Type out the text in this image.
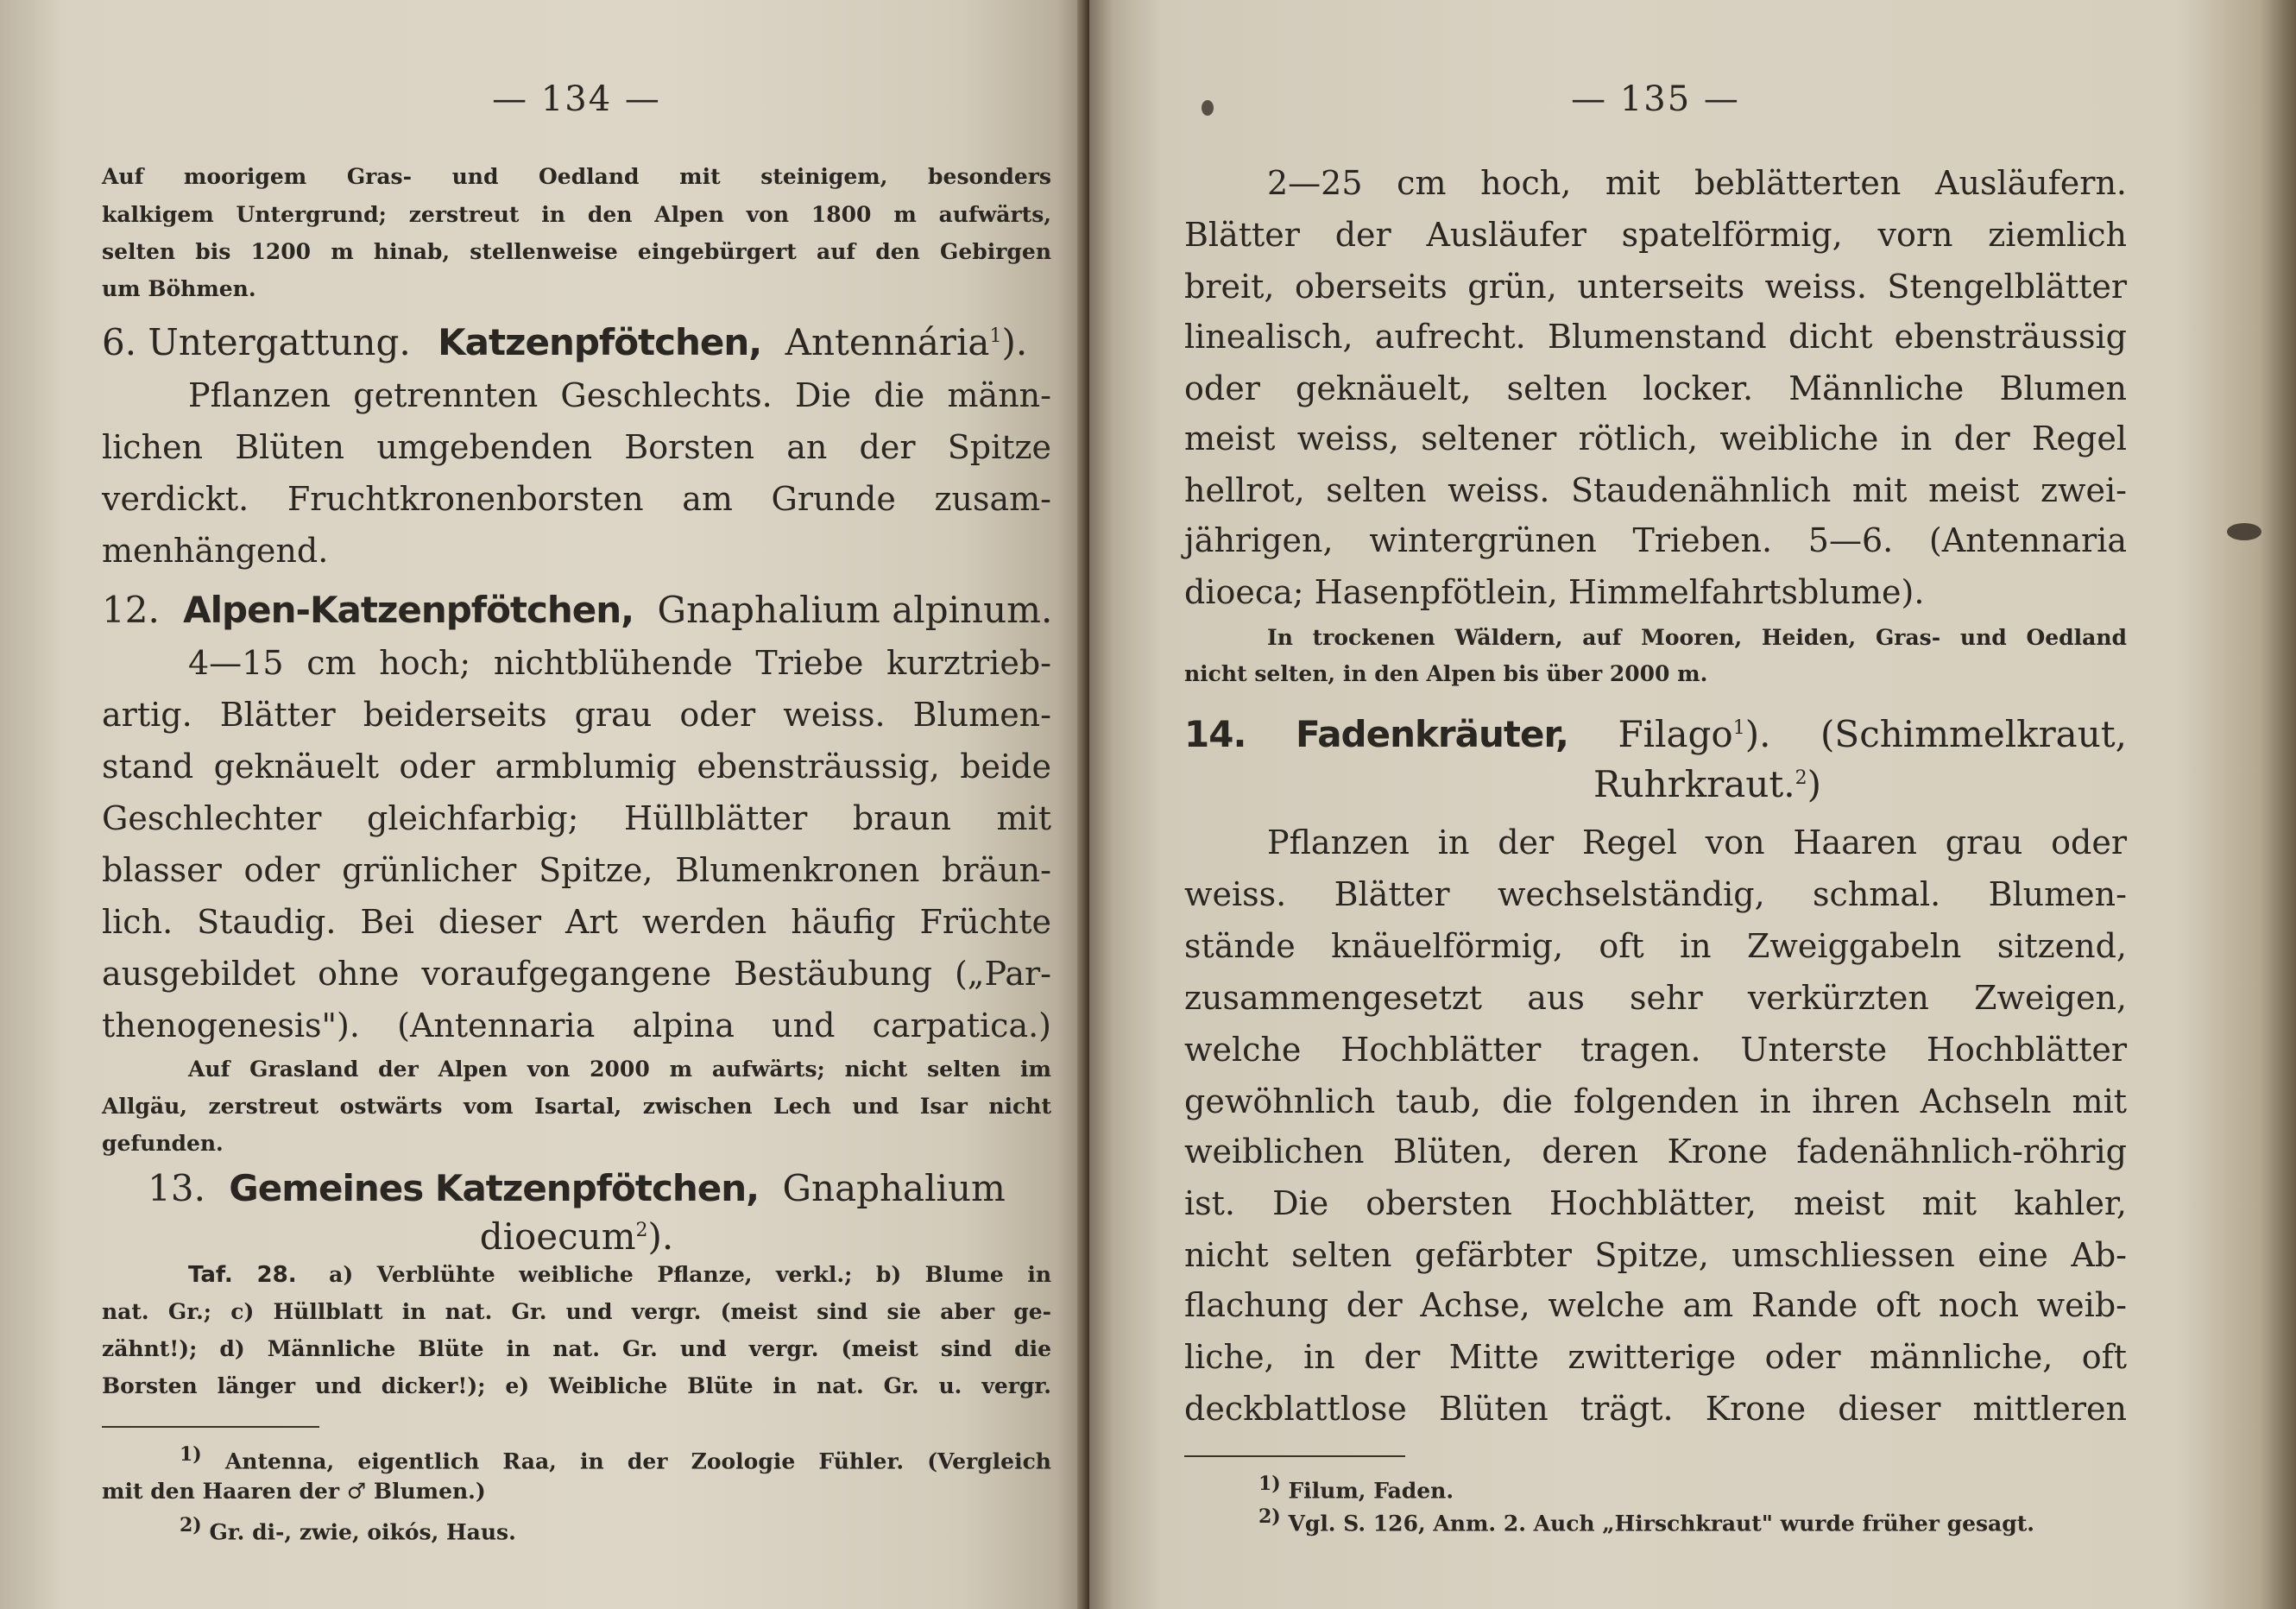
— 134 —
Auf moorigem Gras- und Oedland mit steinigem, besonders
kalkigem Untergrund; zerstreut in den Alpen von 1800 m aufwärts,
selten bis 1200 m hinab, stellenweise eingebürgert auf den Gebirgen
um Böhmen.
6. Untergattung. Katzenpfötchen, Antennária$^1$).
Pflanzen getrennten Geschlechts. Die die männ-
lichen Blüten umgebenden Borsten an der Spitze
verdickt. Fruchtkronenborsten am Grunde zusam-
menhängend.
12. Alpen-Katzenpfötchen, Gnaphalium alpinum.
4—15 cm hoch; nichtblühende Triebe kurztrieb-
artig. Blätter beiderseits grau oder weiss. Blumen-
stand geknäuelt oder armblumig ebensträussig, beide
Geschlechter gleichfarbig; Hüllblätter braun mit
blasser oder grünlicher Spitze, Blumenkronen bräun-
lich. Staudig. Bei dieser Art werden häufig Früchte
ausgebildet ohne voraufgegangene Bestäubung („Par-
thenogenesis"). (Antennaria alpina und carpatica.)
Auf Grasland der Alpen von 2000 m aufwärts; nicht selten im
Allgäu, zerstreut ostwärts vom Isartal, zwischen Lech und Isar nicht
gefunden.
13. Gemeines Katzenpfötchen, Gnaphalium
dioecum$^2$).
Taf. 28. a) Verblühte weibliche Pflanze, verkl.; b) Blume in
nat. Gr.; c) Hüllblatt in nat. Gr. und vergr. (meist sind sie aber ge-
zähnt!); d) Männliche Blüte in nat. Gr. und vergr. (meist sind die
Borsten länger und dicker!); e) Weibliche Blüte in nat. Gr. u. vergr.
$^{1)}$ Antenna, eigentlich Raa, in der Zoologie Fühler. (Vergleich
mit den Haaren der ♂ Blumen.)
$^{2)}$ Gr. di-, zwie, oikós, Haus.
— 135 —
2—25 cm hoch, mit beblätterten Ausläufern.
Blätter der Ausläufer spatelförmig, vorn ziemlich
breit, oberseits grün, unterseits weiss. Stengelblätter
linealisch, aufrecht. Blumenstand dicht ebensträussig
oder geknäuelt, selten locker. Männliche Blumen
meist weiss, seltener rötlich, weibliche in der Regel
hellrot, selten weiss. Staudenähnlich mit meist zwei-
jährigen, wintergrünen Trieben. 5—6. (Antennaria
dioeca; Hasenpfötlein, Himmelfahrtsblume).
In trockenen Wäldern, auf Mooren, Heiden, Gras- und Oedland
nicht selten, in den Alpen bis über 2000 m.
14. Fadenkräuter, Filago$^1$). (Schimmelkraut,
Ruhrkraut.$^2$)
Pflanzen in der Regel von Haaren grau oder
weiss. Blätter wechselständig, schmal. Blumen-
stände knäuelförmig, oft in Zweiggabeln sitzend,
zusammengesetzt aus sehr verkürzten Zweigen,
welche Hochblätter tragen. Unterste Hochblätter
gewöhnlich taub, die folgenden in ihren Achseln mit
weiblichen Blüten, deren Krone fadenähnlich-röhrig
ist. Die obersten Hochblätter, meist mit kahler,
nicht selten gefärbter Spitze, umschliessen eine Ab-
flachung der Achse, welche am Rande oft noch weib-
liche, in der Mitte zwitterige oder männliche, oft
deckblattlose Blüten trägt. Krone dieser mittleren
$^{1)}$ Filum, Faden.
$^{2)}$ Vgl. S. 126, Anm. 2. Auch „Hirschkraut" wurde früher gesagt.
